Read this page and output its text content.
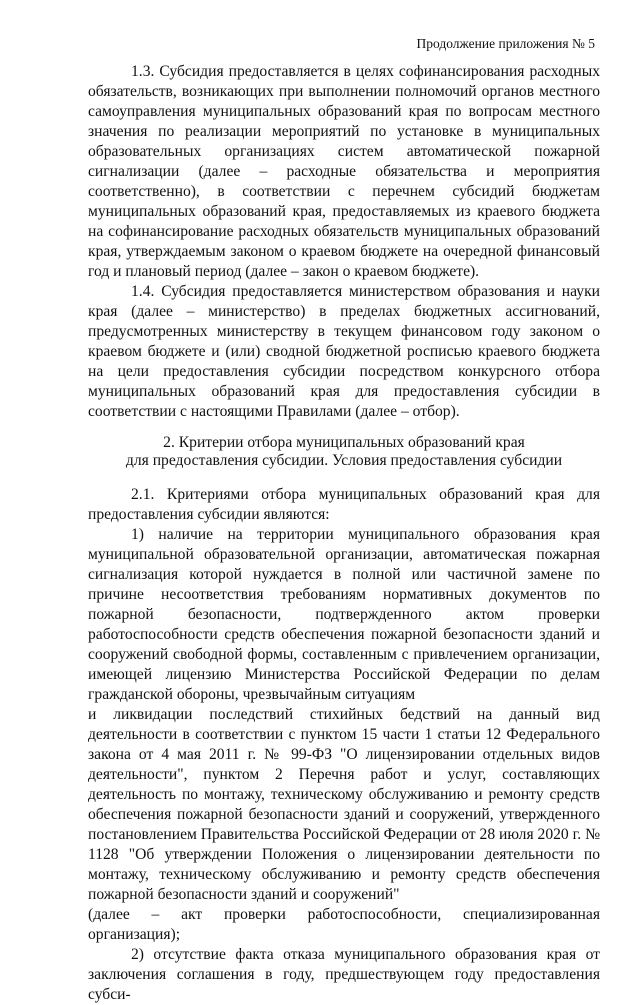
Продолжение приложения № 5

1.3. Субсидия предоставляется в целях софинансирования расходных обязательств, возникающих при выполнении полномочий органов местного самоуправления муниципальных образований края по вопросам местного значения по реализации мероприятий по установке в муниципальных образовательных организациях систем автоматической пожарной сигнализации (далее – расходные обязательства и мероприятия соответственно), в соответствии с перечнем субсидий бюджетам муниципальных образований края, предоставляемых из краевого бюджета на софинансирование расходных обязательств муниципальных образований края, утверждаемым законом о краевом бюджете на очередной финансовый год и плановый период (далее – закон о краевом бюджете).

1.4. Субсидия предоставляется министерством образования и науки края (далее – министерство) в пределах бюджетных ассигнований, предусмотренных министерству в текущем финансовом году законом о краевом бюджете и (или) сводной бюджетной росписью краевого бюджета на цели предоставления субсидии посредством конкурсного отбора муниципальных образований края для предоставления субсидии в соответствии с настоящими Правилами (далее – отбор).

2. Критерии отбора муниципальных образований края
для предоставления субсидии. Условия предоставления субсидии

2.1. Критериями отбора муниципальных образований края для предоставления субсидии являются:

1) наличие на территории муниципального образования края муниципальной образовательной организации, автоматическая пожарная сигнализация которой нуждается в полной или частичной замене по причине несоответствия требованиям нормативных документов по пожарной безопасности, подтвержденного актом проверки работоспособности средств обеспечения пожарной безопасности зданий и сооружений свободной формы, составленным с привлечением организации, имеющей лицензию Министерства Российской Федерации по делам гражданской обороны, чрезвычайным ситуациям

и ликвидации последствий стихийных бедствий на данный вид деятельности в соответствии с пунктом 15 части 1 статьи 12 Федерального закона от 4 мая 2011 г. № 99-ФЗ "О лицензировании отдельных видов деятельности", пунктом 2 Перечня работ и услуг, составляющих деятельность по монтажу, техническому обслуживанию и ремонту средств обеспечения пожарной безопасности зданий и сооружений, утвержденного постановлением Правительства Российской Федерации от 28 июля 2020 г. № 1128 "Об утверждении Положения о лицензировании деятельности по монтажу, техническому обслуживанию и ремонту средств обеспечения пожарной безопасности зданий и сооружений"

(далее – акт проверки работоспособности, специализированная организация);

2) отсутствие факта отказа муниципального образования края от заключения соглашения в году, предшествующем году предоставления субси-
